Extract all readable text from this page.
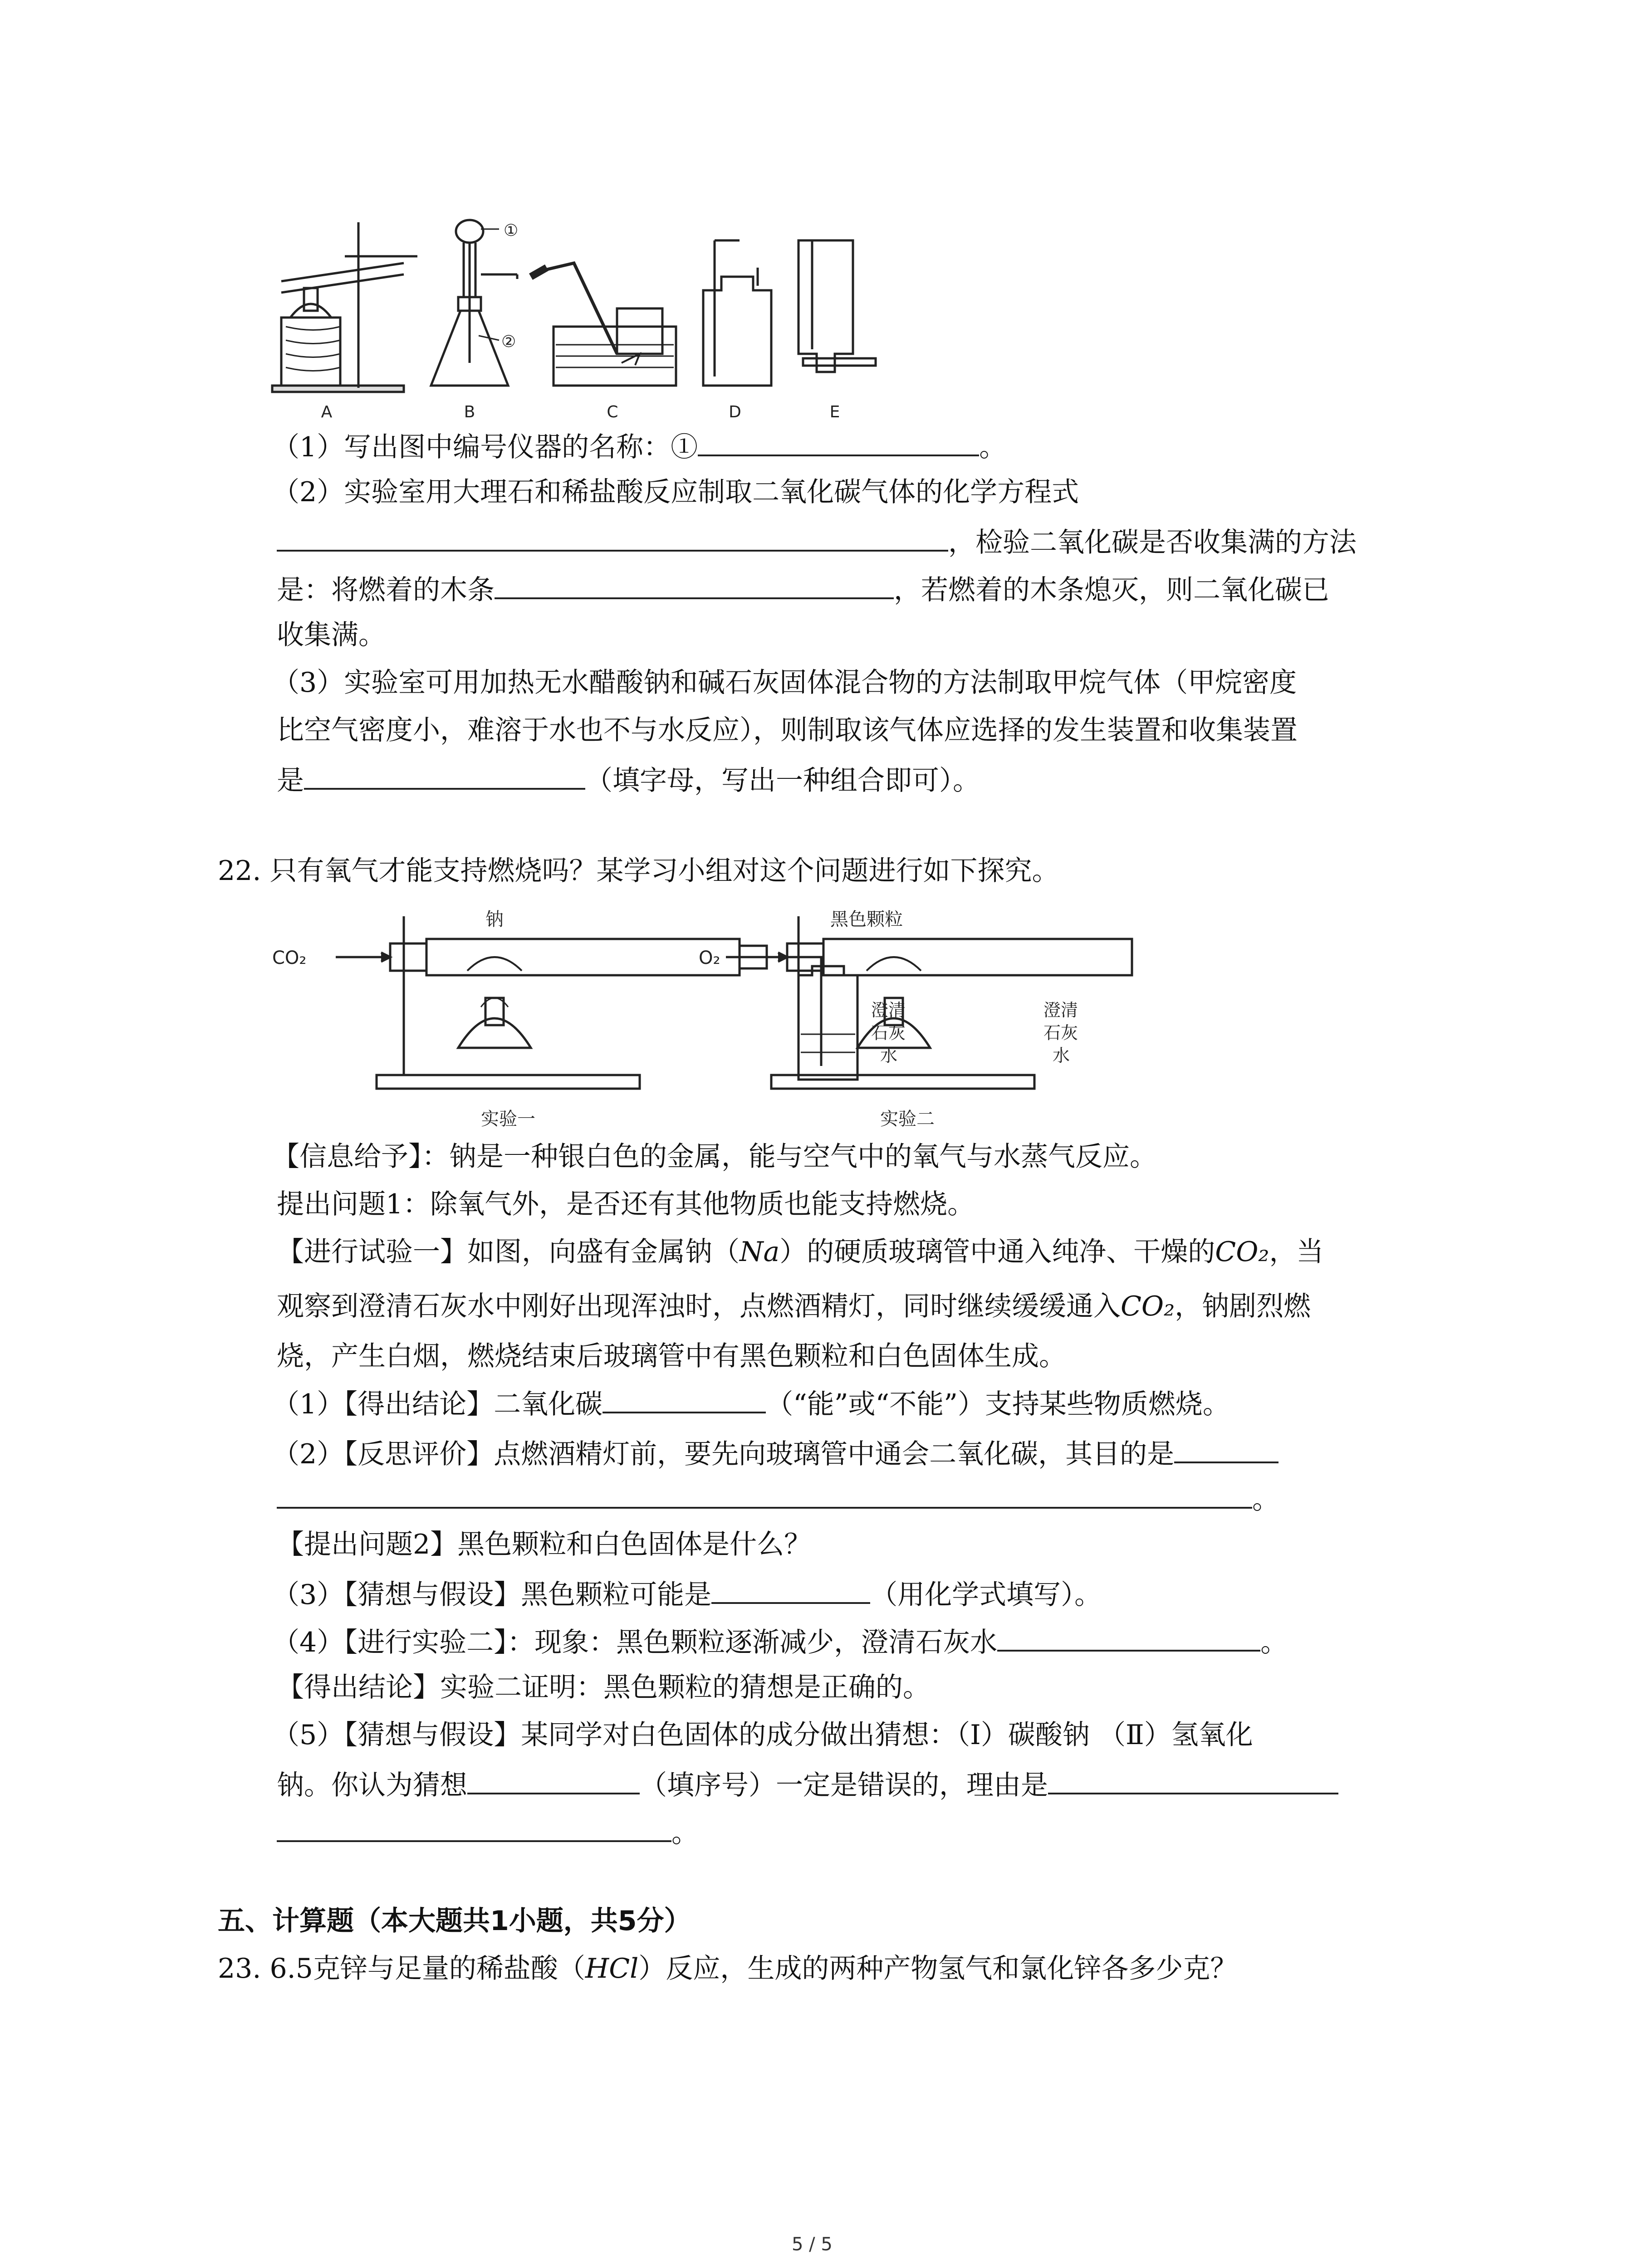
A	B	C	D	E
①
②
（1）写出图中编号仪器的名称：①	。
（2）实验室用大理石和稀盐酸反应制取二氧化碳气体的化学方程式
，检验二氧化碳是否收集满的方法
是：将燃着的木条	，若燃着的木条熄灭，则二氧化碳已
收集满。
（3）实验室可用加热无水醋酸钠和碱石灰固体混合物的方法制取甲烷气体（甲烷密度
比空气密度小，难溶于水也不与水反应），则制取该气体应选择的发生装置和收集装置
是	（填字母，写出一种组合即可）。
22. 只有氧气才能支持燃烧吗？某学习小组对这个问题进行如下探究。
CO₂
钠
实验一
澄清
石灰
水
O₂
黑色颗粒
实验二
澄清
石灰
水
【信息给予】：钠是一种银白色的金属，能与空气中的氧气与水蒸气反应。
提出问题1：除氧气外，是否还有其他物质也能支持燃烧。
【进行试验一】如图，向盛有金属钠（Na）的硬质玻璃管中通入纯净、干燥的CO₂，当
观察到澄清石灰水中刚好出现浑浊时，点燃酒精灯，同时继续缓缓通入CO₂，钠剧烈燃
烧，产生白烟，燃烧结束后玻璃管中有黑色颗粒和白色固体生成。
（1）【得出结论】二氧化碳	（“能”或“不能”）支持某些物质燃烧。
（2）【反思评价】点燃酒精灯前，要先向玻璃管中通会二氧化碳，其目的是
。
【提出问题2】黑色颗粒和白色固体是什么？
（3）【猜想与假设】黑色颗粒可能是	（用化学式填写）。
（4）【进行实验二】：现象：黑色颗粒逐渐减少，澄清石灰水	。
【得出结论】实验二证明：黑色颗粒的猜想是正确的。
（5）【猜想与假设】某同学对白色固体的成分做出猜想：（Ⅰ）碳酸钠 （Ⅱ）氢氧化
钠。你认为猜想	（填序号）一定是错误的，理由是
。
五、计算题（本大题共1小题，共5分）
23. 6.5克锌与足量的稀盐酸（HCl）反应，生成的两种产物氢气和氯化锌各多少克？
5 / 5
